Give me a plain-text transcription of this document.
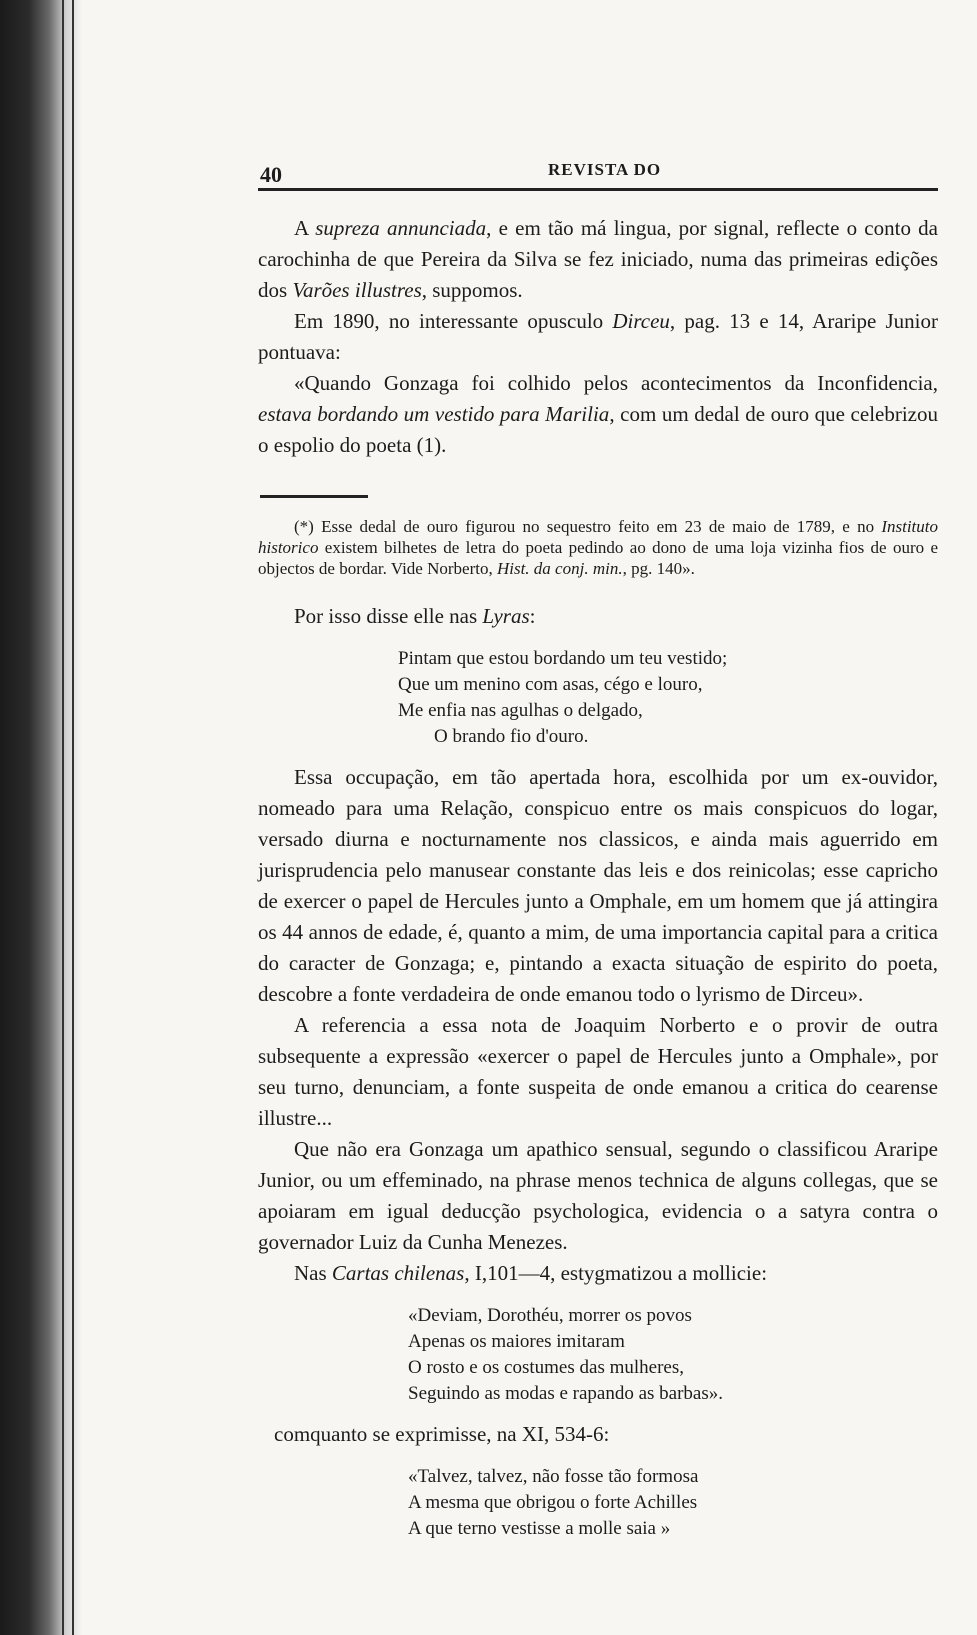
40	REVISTA DO

A supreza annunciada, e em tão má lingua, por signal, reflecte o conto da carochinha de que Pereira da Silva se fez iniciado, numa das primeiras edições dos Varões illustres, suppomos.

Em 1890, no interessante opusculo Dirceu, pag. 13 e 14, Araripe Junior pontuava:

«Quando Gonzaga foi colhido pelos acontecimentos da Inconfidencia, estava bordando um vestido para Marilia, com um dedal de ouro que celebrizou o espolio do poeta (1).

(*) Esse dedal de ouro figurou no sequestro feito em 23 de maio de 1789, e no Instituto historico existem bilhetes de letra do poeta pedindo ao dono de uma loja vizinha fios de ouro e objectos de bordar. Vide Norberto, Hist. da conj. min., pg. 140».

Por isso disse elle nas Lyras:

Pintam que estou bordando um teu vestido;
Que um menino com asas, cégo e louro,
Me enfia nas agulhas o delgado,
O brando fio d'ouro.

Essa occupação, em tão apertada hora, escolhida por um ex-ouvidor, nomeado para uma Relação, conspicuo entre os mais conspicuos do logar, versado diurna e nocturnamente nos classicos, e ainda mais aguerrido em jurisprudencia pelo manusear constante das leis e dos reinicolas; esse capricho de exercer o papel de Hercules junto a Omphale, em um homem que já attingira os 44 annos de edade, é, quanto a mim, de uma importancia capital para a critica do caracter de Gonzaga; e, pintando a exacta situação de espirito do poeta, descobre a fonte verdadeira de onde emanou todo o lyrismo de Dirceu».

A referencia a essa nota de Joaquim Norberto e o provir de outra subsequente a expressão «exercer o papel de Hercules junto a Omphale», por seu turno, denunciam, a fonte suspeita de onde emanou a critica do cearense illustre...

Que não era Gonzaga um apathico sensual, segundo o classificou Araripe Junior, ou um effeminado, na phrase menos technica de alguns collegas, que se apoiaram em igual deducção psychologica, evidencia o a satyra contra o governador Luiz da Cunha Menezes.

Nas Cartas chilenas, I,101—4, estygmatizou a mollicie:

«Deviam, Dorothéu, morrer os povos
Apenas os maiores imitaram
O rosto e os costumes das mulheres,
Seguindo as modas e rapando as barbas».

comquanto se exprimisse, na XI, 534-6:

«Talvez, talvez, não fosse tão formosa
A mesma que obrigou o forte Achilles
A que terno vestisse a molle saia »
